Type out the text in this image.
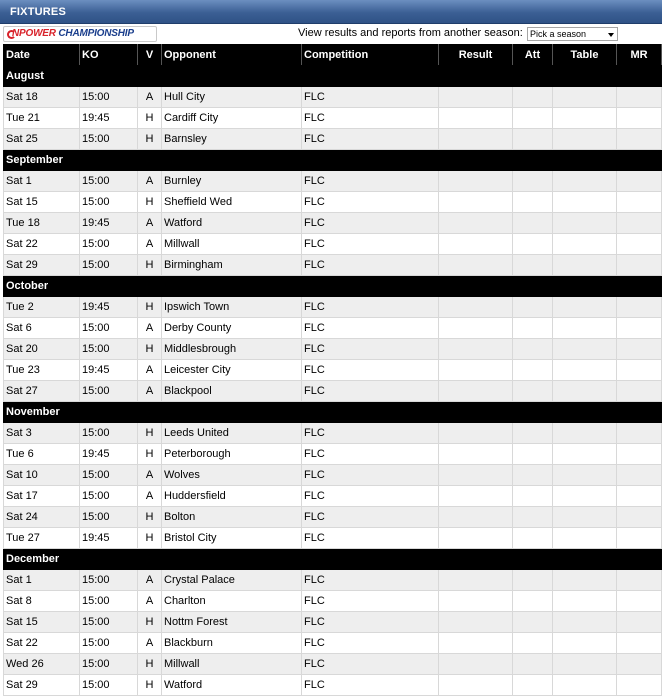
FIXTURES
NPOWER CHAMPIONSHIP	View results and reports from another season: Pick a season
Date	KO	V	Opponent	Competition	Result	Att	Table	MR
August								
Sat 18	15:00	A	Hull City	FLC				
Tue 21	19:45	H	Cardiff City	FLC				
Sat 25	15:00	H	Barnsley	FLC				
September								
Sat 1	15:00	A	Burnley	FLC				
Sat 15	15:00	H	Sheffield Wed	FLC				
Tue 18	19:45	A	Watford	FLC				
Sat 22	15:00	A	Millwall	FLC				
Sat 29	15:00	H	Birmingham	FLC				
October								
Tue 2	19:45	H	Ipswich Town	FLC				
Sat 6	15:00	A	Derby County	FLC				
Sat 20	15:00	H	Middlesbrough	FLC				
Tue 23	19:45	A	Leicester City	FLC				
Sat 27	15:00	A	Blackpool	FLC				
November								
Sat 3	15:00	H	Leeds United	FLC				
Tue 6	19:45	H	Peterborough	FLC				
Sat 10	15:00	A	Wolves	FLC				
Sat 17	15:00	A	Huddersfield	FLC				
Sat 24	15:00	H	Bolton	FLC				
Tue 27	19:45	H	Bristol City	FLC				
December								
Sat 1	15:00	A	Crystal Palace	FLC				
Sat 8	15:00	A	Charlton	FLC				
Sat 15	15:00	H	Nottm Forest	FLC				
Sat 22	15:00	A	Blackburn	FLC				
Wed 26	15:00	H	Millwall	FLC				
Sat 29	15:00	H	Watford	FLC				
